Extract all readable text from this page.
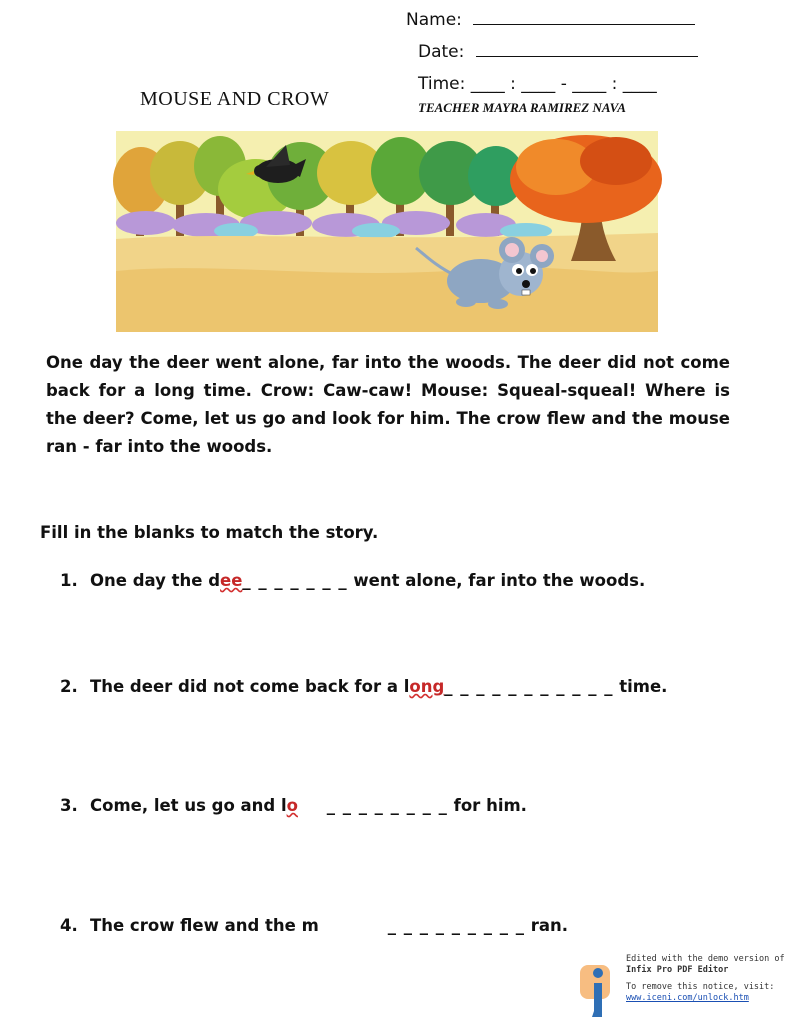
Name:
Date:
Time: ____ : ____ - ____ : ____
MOUSE AND CROW	TEACHER MAYRA RAMIREZ NAVA

One day the deer went alone, far into the woods. The deer did not come back for a long time. Crow: Caw-caw! Mouse: Squeal-squeal! Where is the deer? Come, let us go and look for him. The crow flew and the mouse ran - far into the woods.

Fill in the blanks to match the story.
1. One day the dee_ _ _ _ _ _ _ went alone, far into the woods.
2. The deer did not come back for a long_ _ _ _ _ _ _ _ _ _ _ time.
3. Come, let us go and lo _ _ _ _ _ _ _ _ for him.
4. The crow flew and the m	_ _ _ _ _ _ _ _ _ ran.
Edited with the demo version of
Infix Pro PDF Editor
To remove this notice, visit:
www.iceni.com/unlock.htm
